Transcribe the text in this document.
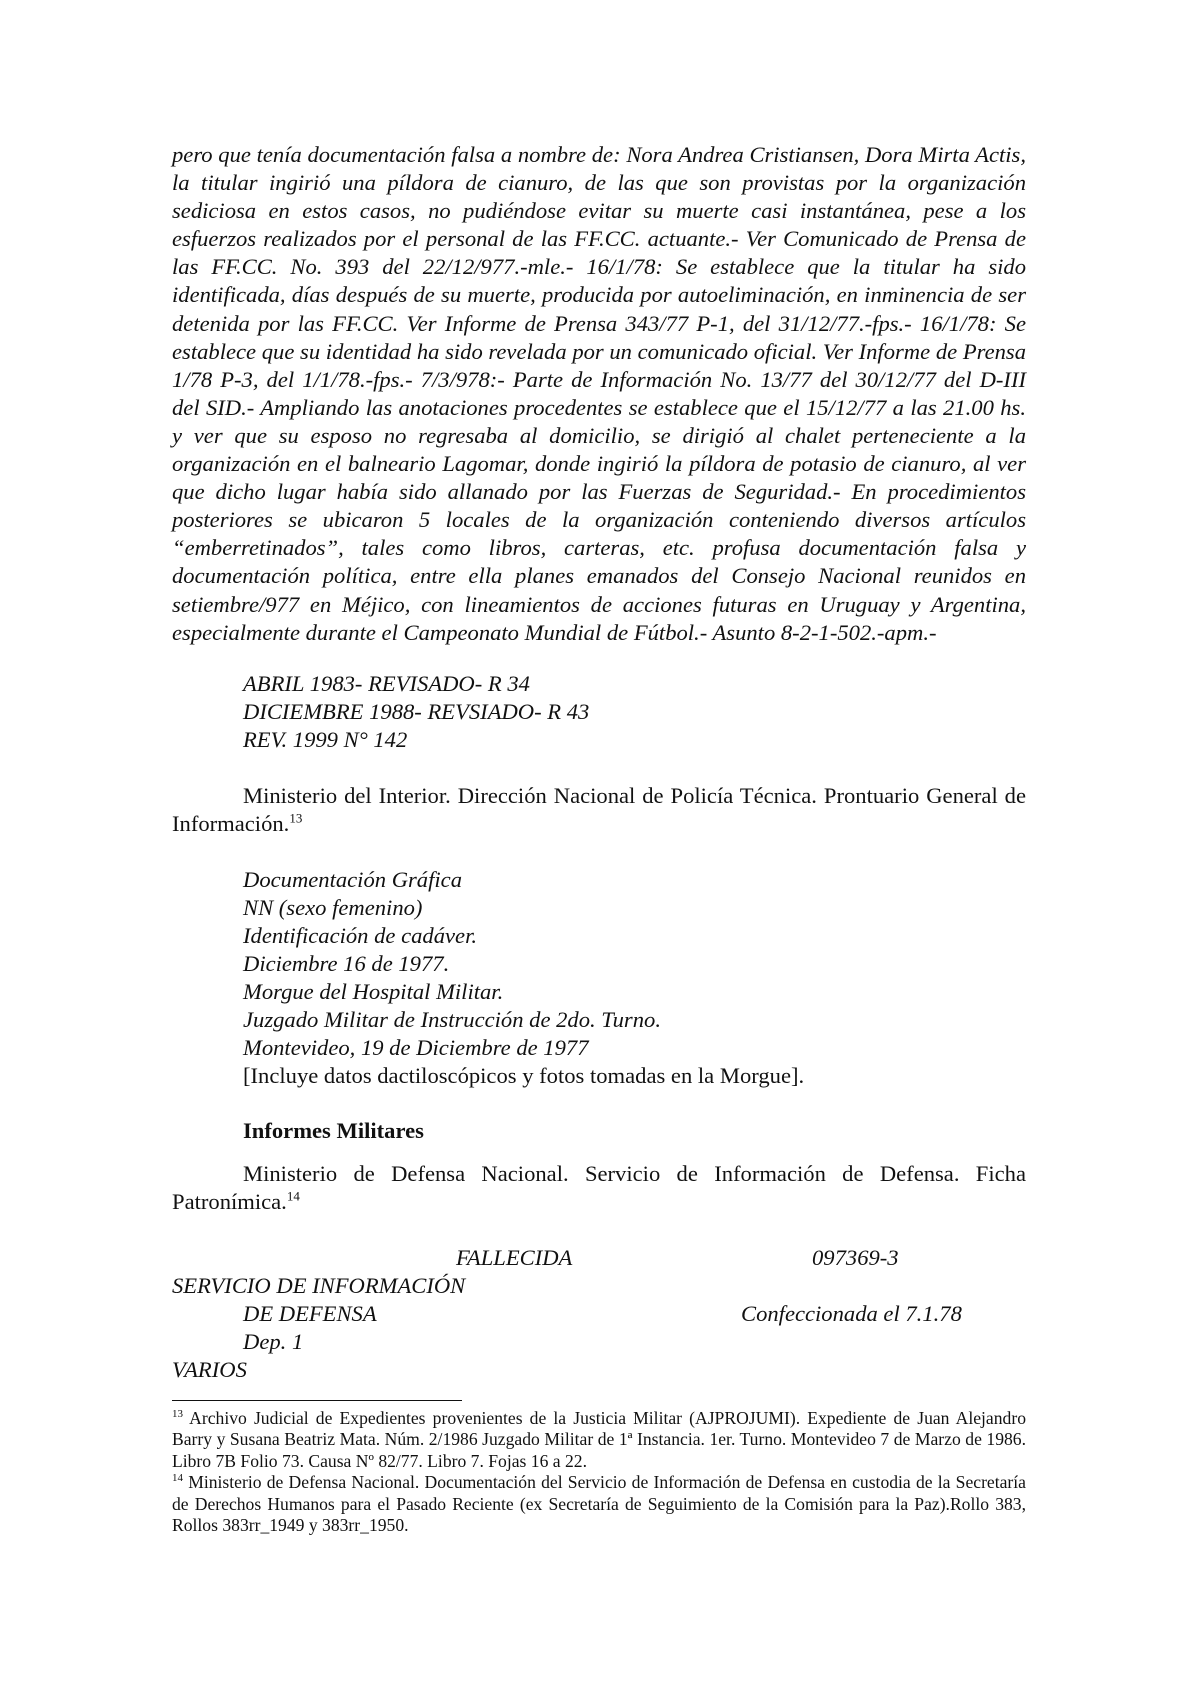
pero que tenía documentación falsa a nombre de: Nora Andrea Cristiansen, Dora Mirta Actis, la titular ingirió una píldora de cianuro, de las que son provistas por la organización sediciosa en estos casos, no pudiéndose evitar su muerte casi instantánea, pese a los esfuerzos realizados por el personal de las FF.CC. actuante.- Ver Comunicado de Prensa de las FF.CC. No. 393 del 22/12/977.-mle.- 16/1/78: Se establece que la titular ha sido identificada, días después de su muerte, producida por autoeliminación, en inminencia de ser detenida por las FF.CC. Ver Informe de Prensa 343/77 P-1, del 31/12/77.-fps.- 16/1/78: Se establece que su identidad ha sido revelada por un comunicado oficial. Ver Informe de Prensa 1/78 P-3, del 1/1/78.-fps.- 7/3/978:- Parte de Información No. 13/77 del 30/12/77 del D-III del SID.- Ampliando las anotaciones procedentes se establece que el 15/12/77 a las 21.00 hs. y ver que su esposo no regresaba al domicilio, se dirigió al chalet perteneciente a la organización en el balneario Lagomar, donde ingirió la píldora de potasio de cianuro, al ver que dicho lugar había sido allanado por las Fuerzas de Seguridad.- En procedimientos posteriores se ubicaron 5 locales de la organización conteniendo diversos artículos “emberretinados”, tales como libros, carteras, etc. profusa documentación falsa y documentación política, entre ella planes emanados del Consejo Nacional reunidos en setiembre/977 en Méjico, con lineamientos de acciones futuras en Uruguay y Argentina, especialmente durante el Campeonato Mundial de Fútbol.- Asunto 8-2-1-502.-apm.-

ABRIL 1983- REVISADO- R 34
DICIEMBRE 1988- REVSIADO- R 43
REV. 1999 N° 142

Ministerio del Interior. Dirección Nacional de Policía Técnica. Prontuario General de Información.$^{13}$

Documentación Gráfica
NN (sexo femenino)
Identificación de cadáver.
Diciembre 16 de 1977.
Morgue del Hospital Militar.
Juzgado Militar de Instrucción de 2do. Turno.
Montevideo, 19 de Diciembre de 1977
[Incluye datos dactiloscópicos y fotos tomadas en la Morgue].
Informes Militares

Ministerio de Defensa Nacional. Servicio de Información de Defensa. Ficha Patronímica.$^{14}$

FALLECIDA	097369-3
SERVICIO DE INFORMACIÓN
DE DEFENSA	Confeccionada el 7.1.78
Dep. 1
VARIOS

$^{13}$ Archivo Judicial de Expedientes provenientes de la Justicia Militar (AJPROJUMI). Expediente de Juan Alejandro Barry y Susana Beatriz Mata. Núm. 2/1986 Juzgado Militar de 1ª Instancia. 1er. Turno. Montevideo 7 de Marzo de 1986. Libro 7B Folio 73. Causa Nº 82/77. Libro 7. Fojas 16 a 22.

$^{14}$ Ministerio de Defensa Nacional. Documentación del Servicio de Información de Defensa en custodia de la Secretaría de Derechos Humanos para el Pasado Reciente (ex Secretaría de Seguimiento de la Comisión para la Paz).Rollo 383, Rollos 383rr_1949 y 383rr_1950.
